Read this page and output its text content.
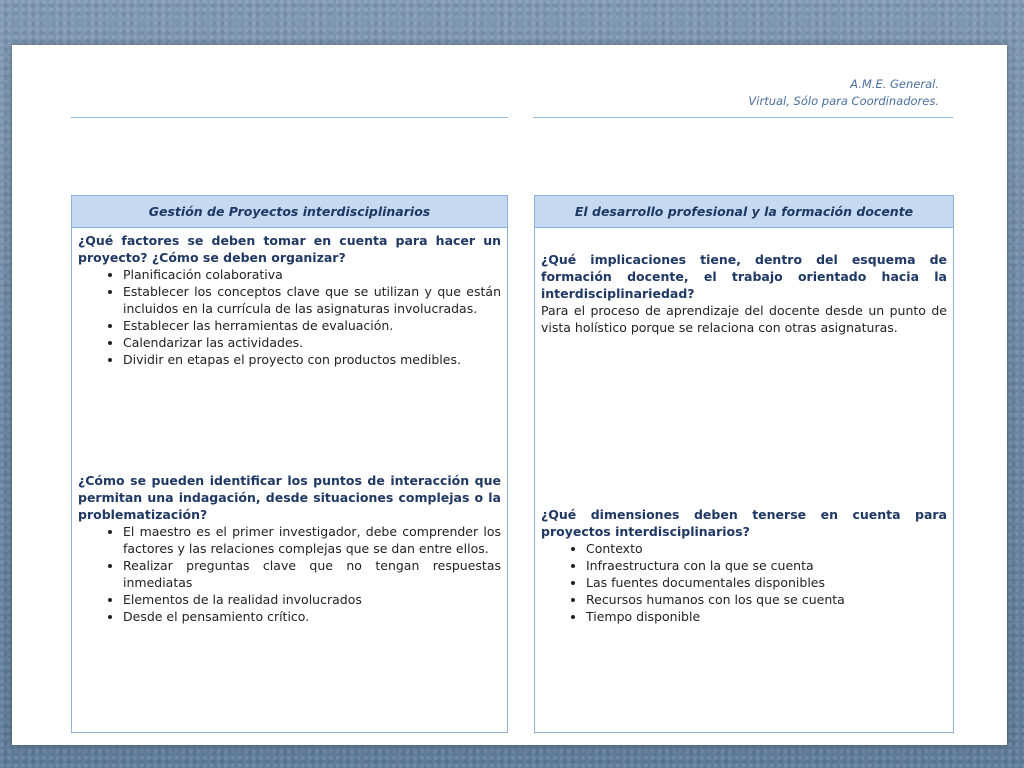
A.M.E. General.
Virtual, Sólo para Coordinadores.
Gestión de Proyectos interdisciplinarios

¿Qué factores se deben tomar en cuenta para hacer un proyecto? ¿Cómo se deben organizar?

• Planificación colaborativa
• Establecer los conceptos clave que se utilizan y que están incluidos en la currícula de las asignaturas involucradas.
• Establecer las herramientas de evaluación.
• Calendarizar las actividades.
• Dividir en etapas el proyecto con productos medibles.

¿Cómo se pueden identificar los puntos de interacción que permitan una indagación, desde situaciones complejas o la problematización?

• El maestro es el primer investigador, debe comprender los factores y las relaciones complejas que se dan entre ellos.
• Realizar preguntas clave que no tengan respuestas inmediatas
• Elementos de la realidad involucrados
• Desde el pensamiento crítico.
El desarrollo profesional y la formación docente

¿Qué implicaciones tiene, dentro del esquema de formación docente, el trabajo orientado hacia la interdisciplinariedad?

Para el proceso de aprendizaje del docente desde un punto de vista holístico porque se relaciona con otras asignaturas.

¿Qué dimensiones deben tenerse en cuenta para proyectos interdisciplinarios?

• Contexto
• Infraestructura con la que se cuenta
• Las fuentes documentales disponibles
• Recursos humanos con los que se cuenta
• Tiempo disponible
